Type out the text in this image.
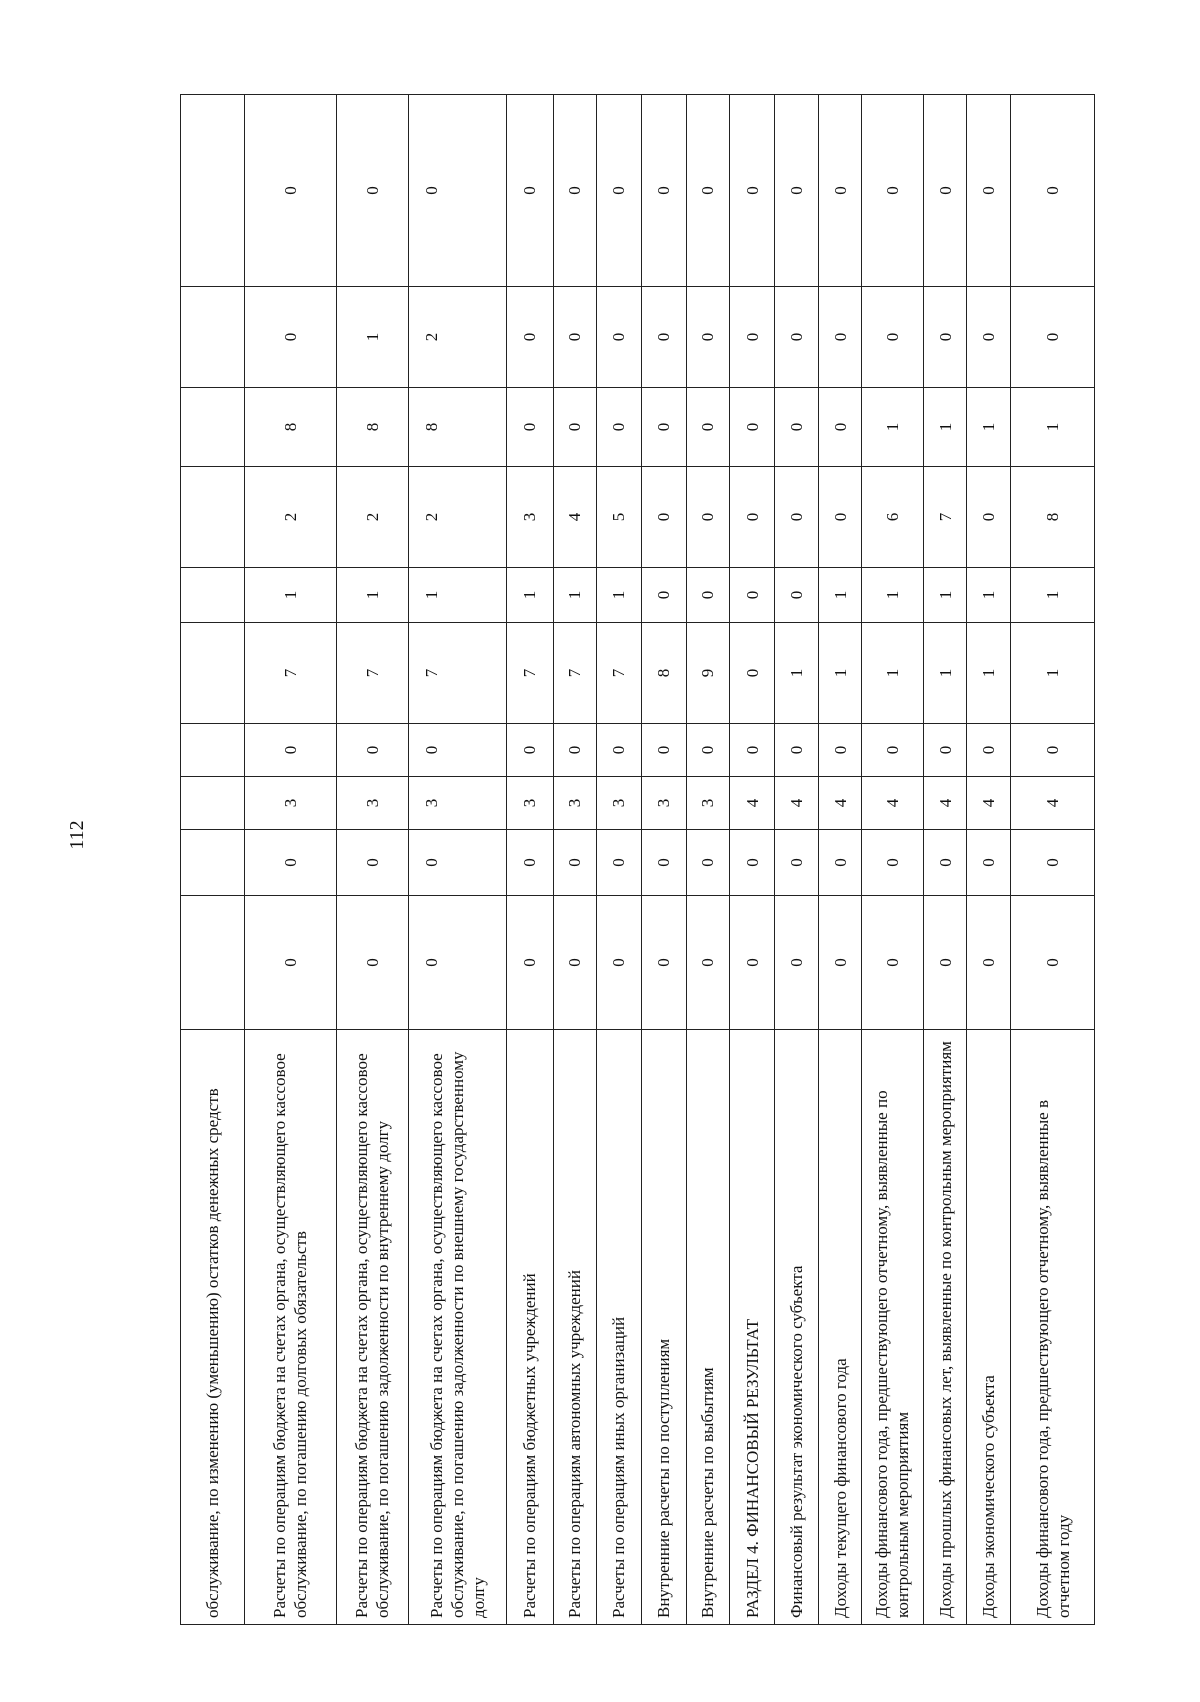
112
обслуживание, по изменению (уменьшению) остатков денежных средств										
Расчеты по операциям бюджета на счетах органа, осуществляющего кассовое обслуживание, по погашению долговых обязательств	0	0	3	0	7	1	2	8	0	0
Расчеты по операциям бюджета на счетах органа, осуществляющего кассовое обслуживание, по погашению задолженности по внутреннему долгу	0	0	3	0	7	1	2	8	1	0
Расчеты по операциям бюджета на счетах органа, осуществляющего кассовое обслуживание, по погашению задолженности по внешнему государственному долгу	0	0	3	0	7	1	2	8	2	0
Расчеты по операциям бюджетных учреждений	0	0	3	0	7	1	3	0	0	0
Расчеты по операциям автономных учреждений	0	0	3	0	7	1	4	0	0	0
Расчеты по операциям иных организаций	0	0	3	0	7	1	5	0	0	0
Внутренние расчеты по поступлениям	0	0	3	0	8	0	0	0	0	0
Внутренние расчеты по выбытиям	0	0	3	0	9	0	0	0	0	0
РАЗДЕЛ 4. ФИНАНСОВЫЙ РЕЗУЛЬТАТ	0	0	4	0	0	0	0	0	0	0
Финансовый результат экономического субъекта	0	0	4	0	1	0	0	0	0	0
Доходы текущего финансового года	0	0	4	0	1	1	0	0	0	0
Доходы финансового года, предшествующего отчетному, выявленные по контрольным мероприятиям	0	0	4	0	1	1	6	1	0	0
Доходы прошлых финансовых лет, выявленные по контрольным мероприятиям	0	0	4	0	1	1	7	1	0	0
Доходы экономического субъекта	0	0	4	0	1	1	0	1	0	0
Доходы финансового года, предшествующего отчетному, выявленные в отчетном году	0	0	4	0	1	1	8	1	0	0
